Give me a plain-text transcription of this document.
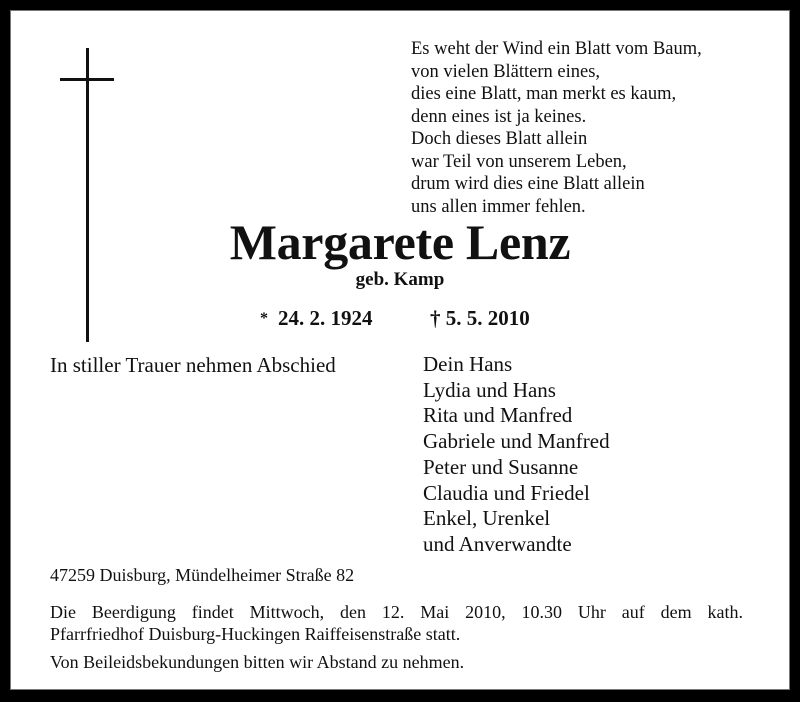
Es weht der Wind ein Blatt vom Baum,
von vielen Blättern eines,
dies eine Blatt, man merkt es kaum,
denn eines ist ja keines.
Doch dieses Blatt allein
war Teil von unserem Leben,
drum wird dies eine Blatt allein
uns allen immer fehlen.
Margarete Lenz
geb. Kamp
* 24. 2. 1924	† 5. 5. 2010
In stiller Trauer nehmen Abschied	Dein Hans
Lydia und Hans
Rita und Manfred
Gabriele und Manfred
Peter und Susanne
Claudia und Friedel
Enkel, Urenkel
und Anverwandte
47259 Duisburg, Mündelheimer Straße 82
Die Beerdigung findet Mittwoch, den 12. Mai 2010, 10.30 Uhr auf dem kath.
Pfarrfriedhof Duisburg-Huckingen Raiffeisenstraße statt.
Von Beileidsbekundungen bitten wir Abstand zu nehmen.
